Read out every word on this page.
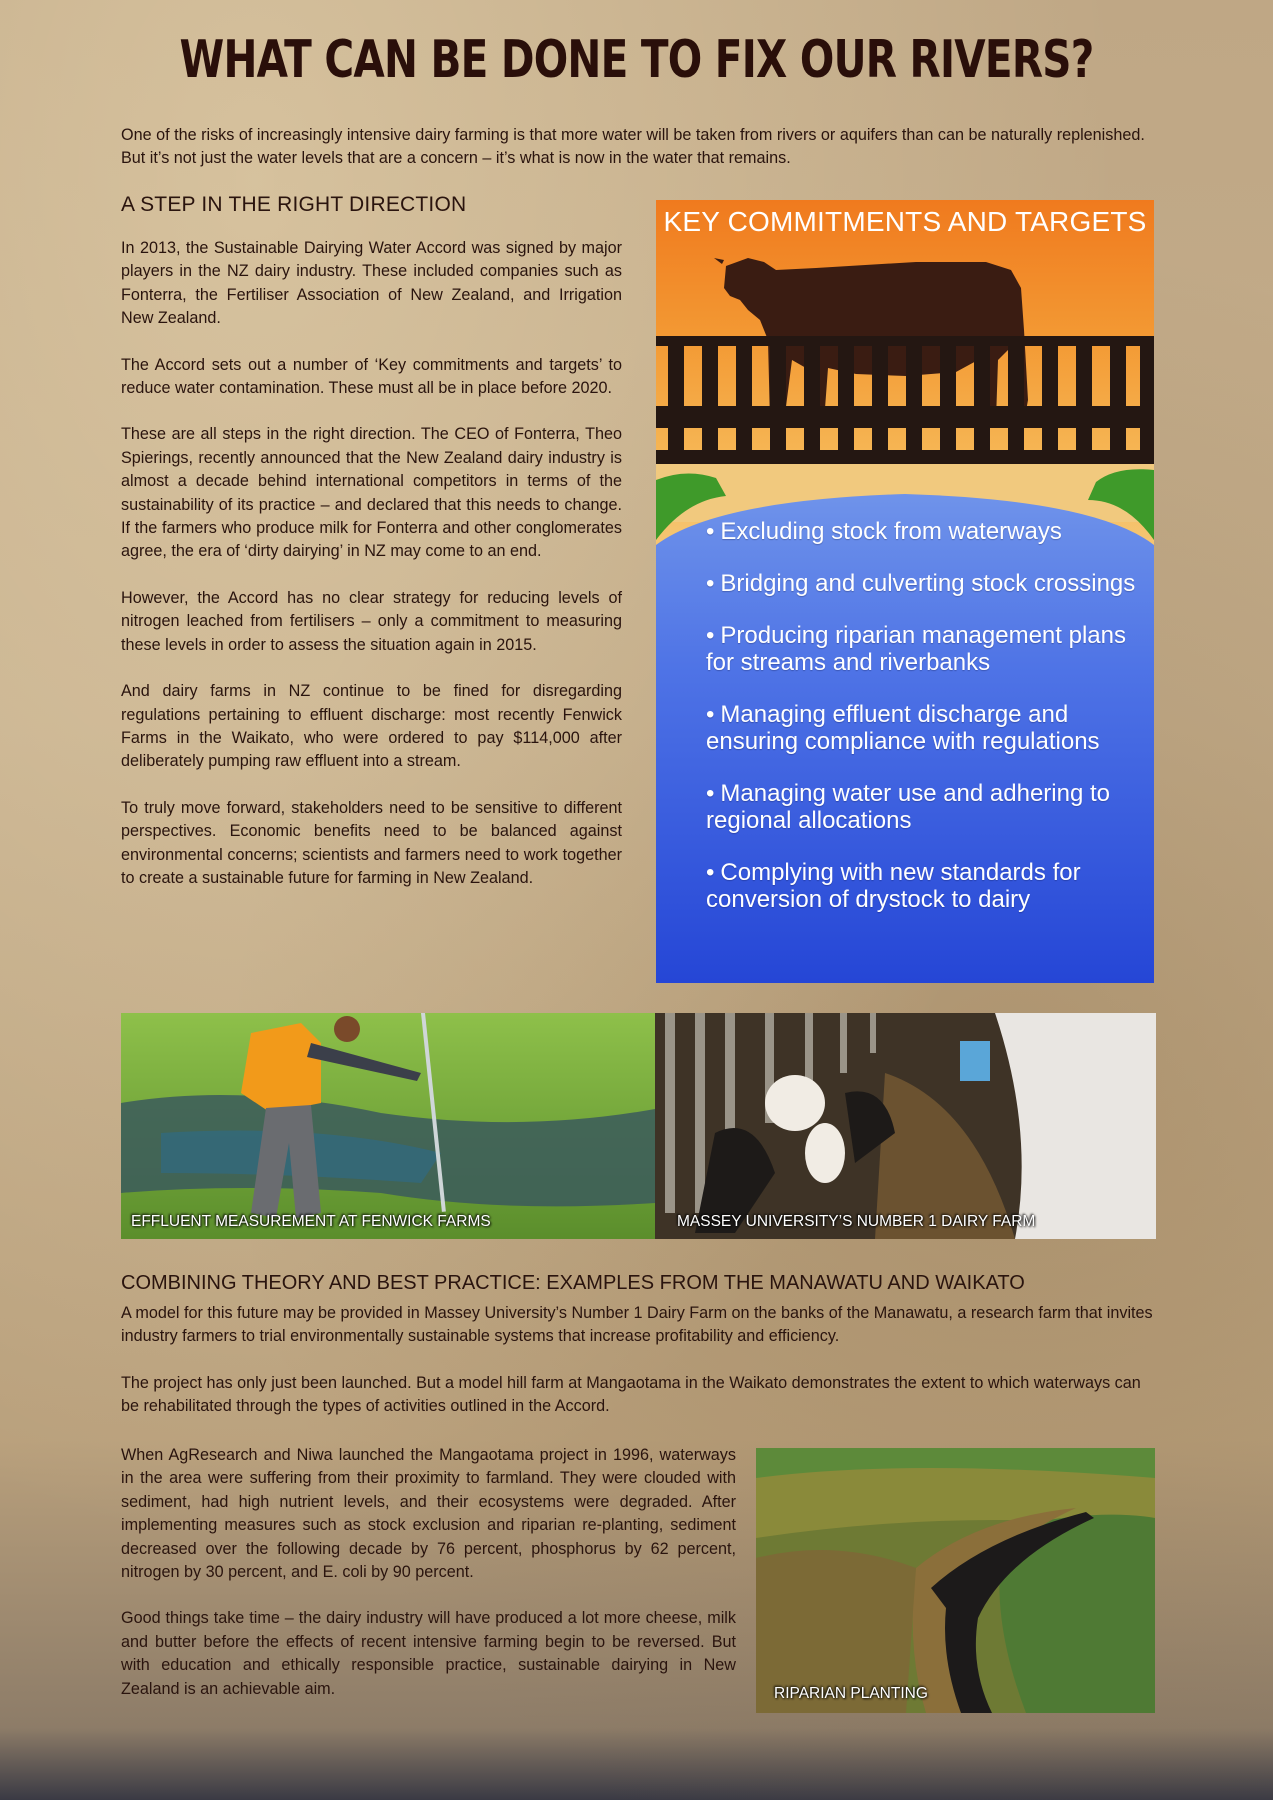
WHAT CAN BE DONE TO FIX OUR RIVERS?

One of the risks of increasingly intensive dairy farming is that more water will be taken from rivers or aquifers than can be naturally replenished. But it’s not just the water levels that are a concern – it’s what is now in the water that remains.

A STEP IN THE RIGHT DIRECTION

In 2013, the Sustainable Dairying Water Accord was signed by major players in the NZ dairy industry. These included companies such as Fonterra, the Fertiliser Association of New Zealand, and Irrigation New Zealand.

The Accord sets out a number of ‘Key commitments and targets’ to reduce water contamination. These must all be in place before 2020.

These are all steps in the right direction. The CEO of Fonterra, Theo Spierings, recently announced that the New Zealand dairy industry is almost a decade behind international competitors in terms of the sustainability of its practice – and declared that this needs to change. If the farmers who produce milk for Fonterra and other conglomerates agree, the era of ‘dirty dairying’ in NZ may come to an end.

However, the Accord has no clear strategy for reducing levels of nitrogen leached from fertilisers – only a commitment to measuring these levels in order to assess the situation again in 2015.

And dairy farms in NZ continue to be fined for disregarding regulations pertaining to effluent discharge: most recently Fenwick Farms in the Waikato, who were ordered to pay $114,000 after deliberately pumping raw effluent into a stream.

To truly move forward, stakeholders need to be sensitive to different perspectives. Economic benefits need to be balanced against environmental concerns; scientists and farmers need to work together to create a sustainable future for farming in New Zealand.

KEY COMMITMENTS AND TARGETS
• Excluding stock from waterways
• Bridging and culverting stock crossings
• Producing riparian management plans for streams and riverbanks
• Managing effluent discharge and ensuring compliance with regulations
• Managing water use and adhering to regional allocations
• Complying with new standards for conversion of drystock to dairy
EFFLUENT MEASUREMENT AT FENWICK FARMS	MASSEY UNIVERSITY’S NUMBER 1 DAIRY FARM
COMBINING THEORY AND BEST PRACTICE: EXAMPLES FROM THE MANAWATU AND WAIKATO

A model for this future may be provided in Massey University’s Number 1 Dairy Farm on the banks of the Manawatu, a research farm that invites industry farmers to trial environmentally sustainable systems that increase profitability and efficiency.

The project has only just been launched. But a model hill farm at Mangaotama in the Waikato demonstrates the extent to which waterways can be rehabilitated through the types of activities outlined in the Accord.

When AgResearch and Niwa launched the Mangaotama project in 1996, waterways in the area were suffering from their proximity to farmland. They were clouded with sediment, had high nutrient levels, and their ecosystems were degraded. After implementing measures such as stock exclusion and riparian re-planting, sediment decreased over the following decade by 76 percent, phosphorus by 62 percent, nitrogen by 30 percent, and E. coli by 90 percent.

Good things take time – the dairy industry will have produced a lot more cheese, milk and butter before the effects of recent intensive farming begin to be reversed. But with education and ethically responsible practice, sustainable dairying in New Zealand is an achievable aim.	RIPARIAN PLANTING
